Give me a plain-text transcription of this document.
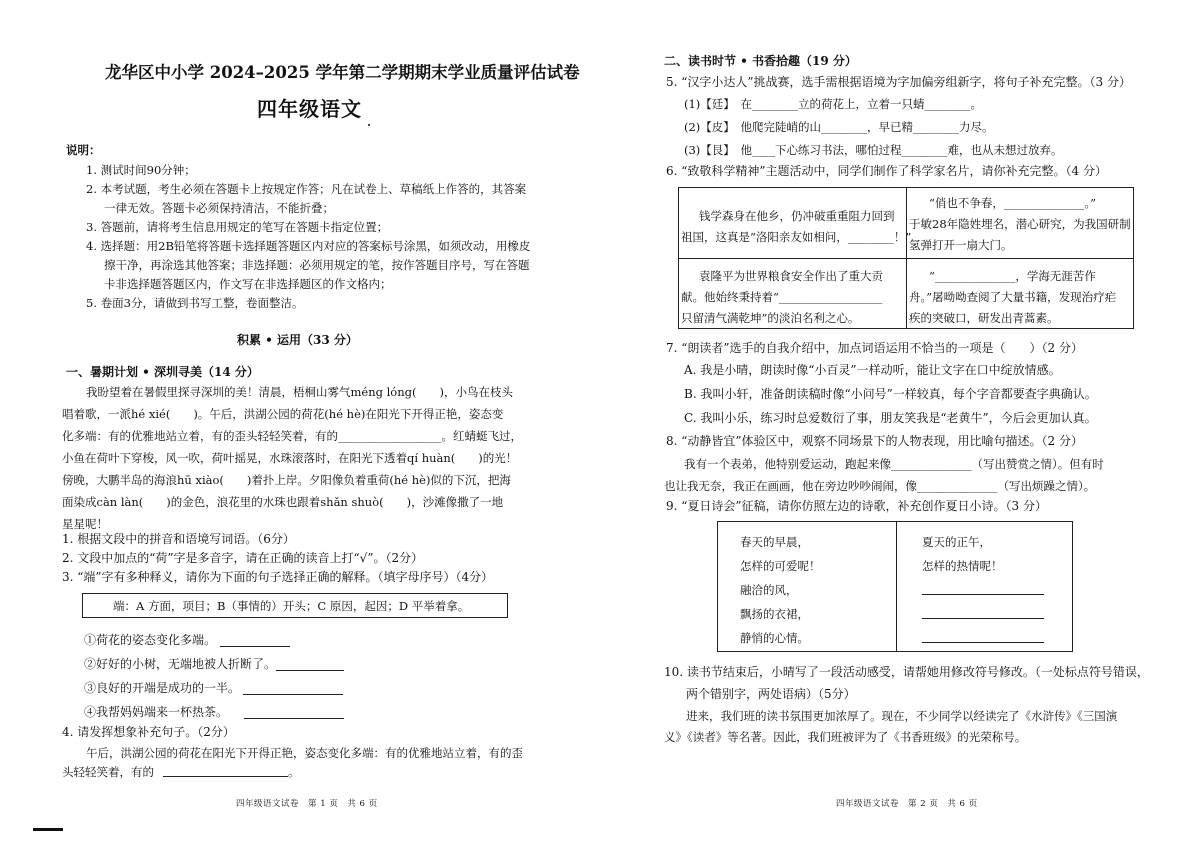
龙华区中小学 2024–2025 学年第二学期期末学业质量评估试卷
四年级语文
说明：
1. 测试时间90分钟；
2. 本考试题，考生必须在答题卡上按规定作答；凡在试卷上、草稿纸上作答的，其答案
一律无效。答题卡必须保持清洁，不能折叠；
3. 答题前，请将考生信息用规定的笔写在答题卡指定位置；
4. 选择题：用2B铅笔将答题卡选择题答题区内对应的答案标号涂黑，如须改动，用橡皮
擦干净，再涂选其他答案；非选择题：必须用规定的笔，按作答题目序号，写在答题
卡非选择题答题区内，作文写在非选择题区的作文格内；
5. 卷面3分，请做到书写工整，卷面整洁。
积累 • 运用（33 分）
一、暑期计划 • 深圳寻美（14 分）
我盼望着在暑假里探寻深圳的美！清晨，梧桐山雾气méng lóng(　　)，小鸟在枝头
唱着歌，一派hé xié(　　)。午后，洪湖公园的荷花(hé hè)在阳光下开得正艳，姿态变
化多端：有的优雅地站立着，有的歪头轻轻笑着，有的__________________。红蜻蜓飞过，
小鱼在荷叶下穿梭，风一吹，荷叶摇晃，水珠滚落时，在阳光下透着qí huàn(　　)的光！
傍晚，大鹏半岛的海浪hū xiào(　　)着扑上岸。夕阳像负着重荷(hé hè)似的下沉，把海
面染成càn làn(　　)的金色，浪花里的水珠也跟着shǎn shuò(　　)，沙滩像撒了一地
星星呢！
1. 根据文段中的拼音和语境写词语。（6分）
2. 文段中加点的“荷”字是多音字，请在正确的读音上打“√”。（2分）
3. “端”字有多种释义，请你为下面的句子选择正确的解释。（填字母序号）（4分）
端：A 方面，项目；B（事情的）开头；C 原因，起因；D 平举着拿。
①荷花的姿态变化多端。
②好好的小树，无端地被人折断了。
③良好的开端是成功的一半。
④我帮妈妈端来一杯热茶。
4. 请发挥想象补充句子。（2分）
午后，洪湖公园的荷花在阳光下开得正艳，姿态变化多端：有的优雅地站立着，有的歪
头轻轻笑着，有的	。
四年级语文试卷　第 1 页　共 6 页
二、读书时节 • 书香拾趣（19 分）
5. “汉字小达人”挑战赛，选手需根据语境为字加偏旁组新字，将句子补充完整。（3 分）
(1)【廷】　在________立的荷花上，立着一只蜻________。
(2)【皮】　他爬完陡峭的山________，早已精________力尽。
(3)【艮】　他____下心练习书法，哪怕过程________难，也从未想过放弃。
6. “致敬科学精神”主题活动中，同学们制作了科学家名片，请你补充完整。（4 分）
钱学森身在他乡，仍冲破重重阻力回到
祖国，这真是“洛阳亲友如相问，________！”
“俏也不争春，______________。”
于敏28年隐姓埋名，潜心研究，为我国研制
氢弹打开一扇大门。
袁隆平为世界粮食安全作出了重大贡
献。他始终秉持着“__________________
只留清气满乾坤”的淡泊名利之心。
“______________，学海无涯苦作
舟。”屠呦呦查阅了大量书籍，发现治疗疟
疾的突破口，研发出青蒿素。
7. “朗读者”选手的自我介绍中，加点词语运用不恰当的一项是（　　）（2 分）
A. 我是小晴，朗读时像“小百灵”一样动听，能让文字在口中绽放情感。
B. 我叫小轩，准备朗读稿时像“小问号”一样较真，每个字音都要查字典确认。
C. 我叫小乐，练习时总爱数衍了事，朋友笑我是“老黄牛”，今后会更加认真。
8. “动静皆宜”体验区中，观察不同场景下的人物表现，用比喻句描述。（2 分）
我有一个表弟，他特别爱运动，跑起来像______________（写出赞赏之情）。但有时
也让我无奈，我正在画画，他在旁边吵吵闹闹，像______________（写出烦躁之情）。
9. “夏日诗会”征稿，请你仿照左边的诗歌，补充创作夏日小诗。（3 分）
春天的早晨，
怎样的可爱呢！
融洽的风，
飘扬的衣裙，
静悄的心情。
夏天的正午，
怎样的热情呢！
10. 读书节结束后，小晴写了一段活动感受，请帮她用修改符号修改。（一处标点符号错误，
两个错别字，两处语病）（5分）
进来，我们班的读书氛围更加浓厚了。现在，不少同学以经读完了《水浒传》《三国演
义》《读者》等名著。因此，我们班被评为了《书香班级》的光荣称号。
四年级语文试卷　第 2 页　共 6 页
